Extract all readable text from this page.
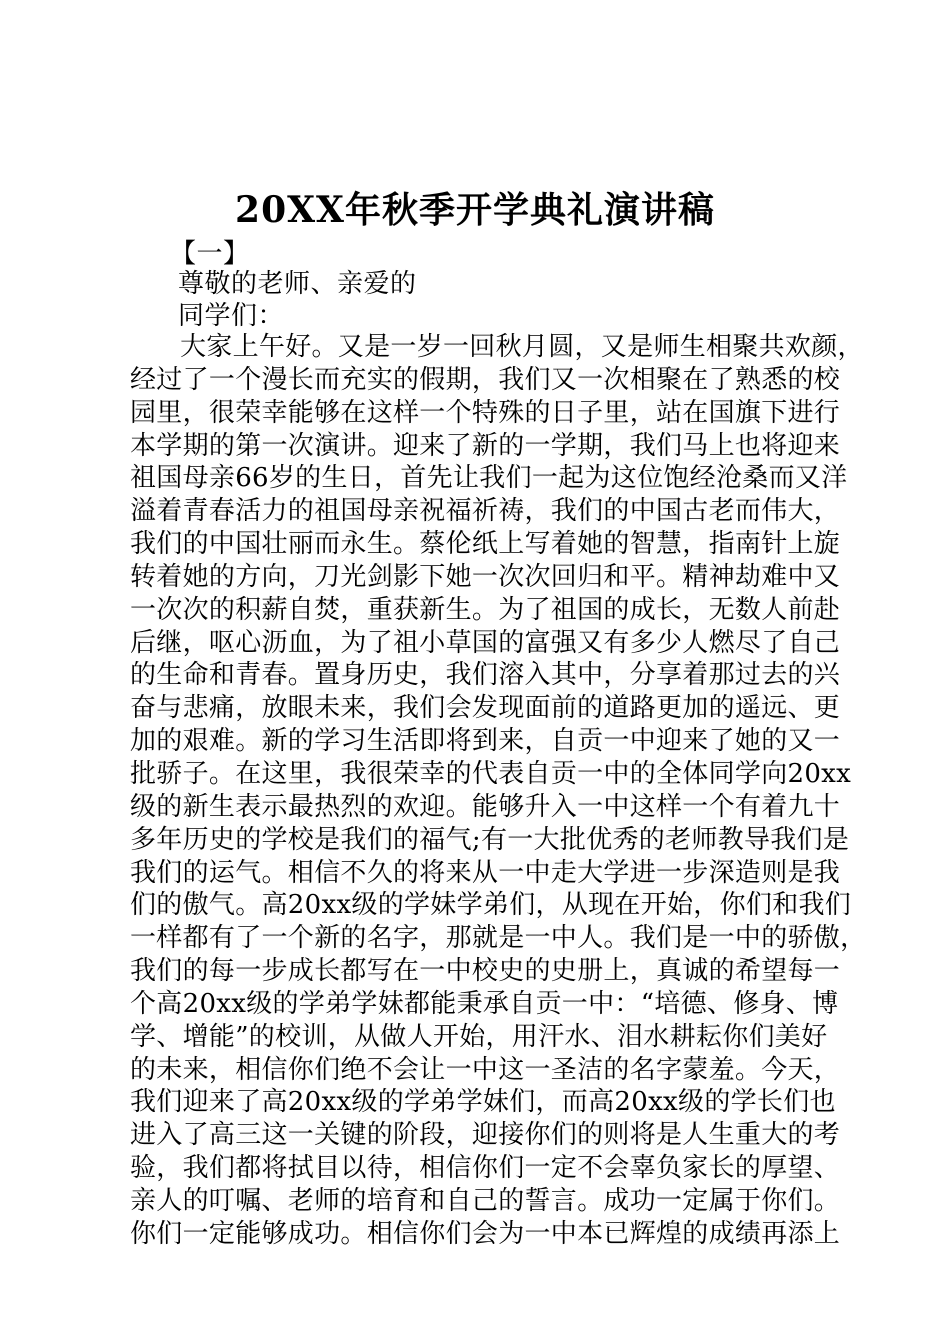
20XX年秋季开学典礼演讲稿

【一】

尊敬的老师、亲爱的

同学们：

大家上午好。又是一岁一回秋月圆，又是师生相聚共欢颜，
经过了一个漫长而充实的假期，我们又一次相聚在了熟悉的校
园里，很荣幸能够在这样一个特殊的日子里，站在国旗下进行
本学期的第一次演讲。迎来了新的一学期，我们马上也将迎来
祖国母亲66岁的生日，首先让我们一起为这位饱经沧桑而又洋
溢着青春活力的祖国母亲祝福祈祷，我们的中国古老而伟大，
我们的中国壮丽而永生。蔡伦纸上写着她的智慧，指南针上旋
转着她的方向，刀光剑影下她一次次回归和平。精神劫难中又
一次次的积薪自焚，重获新生。为了祖国的成长，无数人前赴
后继，呕心沥血，为了祖小草国的富强又有多少人燃尽了自己
的生命和青春。置身历史，我们溶入其中，分享着那过去的兴
奋与悲痛，放眼未来，我们会发现面前的道路更加的遥远、更
加的艰难。新的学习生活即将到来，自贡一中迎来了她的又一
批骄子。在这里，我很荣幸的代表自贡一中的全体同学向20xx
级的新生表示最热烈的欢迎。能够升入一中这样一个有着九十
多年历史的学校是我们的福气;有一大批优秀的老师教导我们是
我们的运气。相信不久的将来从一中走大学进一步深造则是我
们的傲气。高20xx级的学妹学弟们，从现在开始，你们和我们
一样都有了一个新的名字，那就是一中人。我们是一中的骄傲，
我们的每一步成长都写在一中校史的史册上，真诚的希望每一
个高20xx级的学弟学妹都能秉承自贡一中：“培德、修身、博
学、增能”的校训，从做人开始，用汗水、泪水耕耘你们美好
的未来，相信你们绝不会让一中这一圣洁的名字蒙羞。今天，
我们迎来了高20xx级的学弟学妹们，而高20xx级的学长们也
进入了高三这一关键的阶段，迎接你们的则将是人生重大的考
验，我们都将拭目以待，相信你们一定不会辜负家长的厚望、
亲人的叮嘱、老师的培育和自己的誓言。成功一定属于你们。
你们一定能够成功。相信你们会为一中本已辉煌的成绩再添上
